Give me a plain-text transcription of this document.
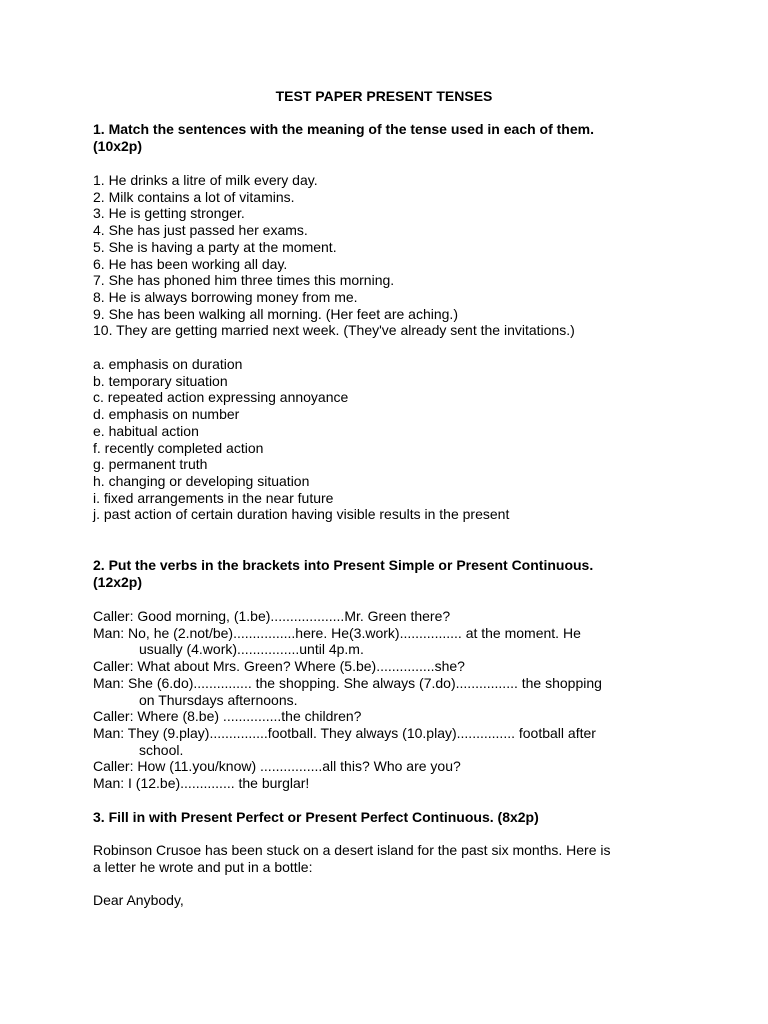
TEST PAPER PRESENT TENSES
1. Match the sentences with the meaning of the tense used in each of them.
(10x2p)
1. He drinks a litre of milk every day.
2. Milk contains a lot of vitamins.
3. He is getting stronger.
4. She has just passed her exams.
5. She is having a party at the moment.
6. He has been working all day.
7. She has phoned him three times this morning.
8. He is always borrowing money from me.
9. She has been walking all morning. (Her feet are aching.)
10. They are getting married next week. (They've already sent the invitations.)
a. emphasis on duration
b. temporary situation
c. repeated action expressing annoyance
d. emphasis on number
e. habitual action
f. recently completed action
g. permanent truth
h. changing or developing situation
i. fixed arrangements in the near future
j. past action of certain duration having visible results in the present
2. Put the verbs in the brackets into Present Simple or Present Continuous.
(12x2p)
Caller: Good morning, (1.be)...................Mr. Green there?
Man: No, he (2.not/be)................here. He(3.work)................ at the moment. He
usually (4.work)................until 4p.m.
Caller: What about Mrs. Green? Where (5.be)...............she?
Man: She (6.do)............... the shopping. She always (7.do)................ the shopping
on Thursdays afternoons.
Caller: Where (8.be) ...............the children?
Man: They (9.play)...............football. They always (10.play)............... football after
school.
Caller: How (11.you/know) ................all this? Who are you?
Man: I (12.be).............. the burglar!
3. Fill in with Present Perfect or Present Perfect Continuous. (8x2p)
Robinson Crusoe has been stuck on a desert island for the past six months. Here is
a letter he wrote and put in a bottle:
Dear Anybody,
